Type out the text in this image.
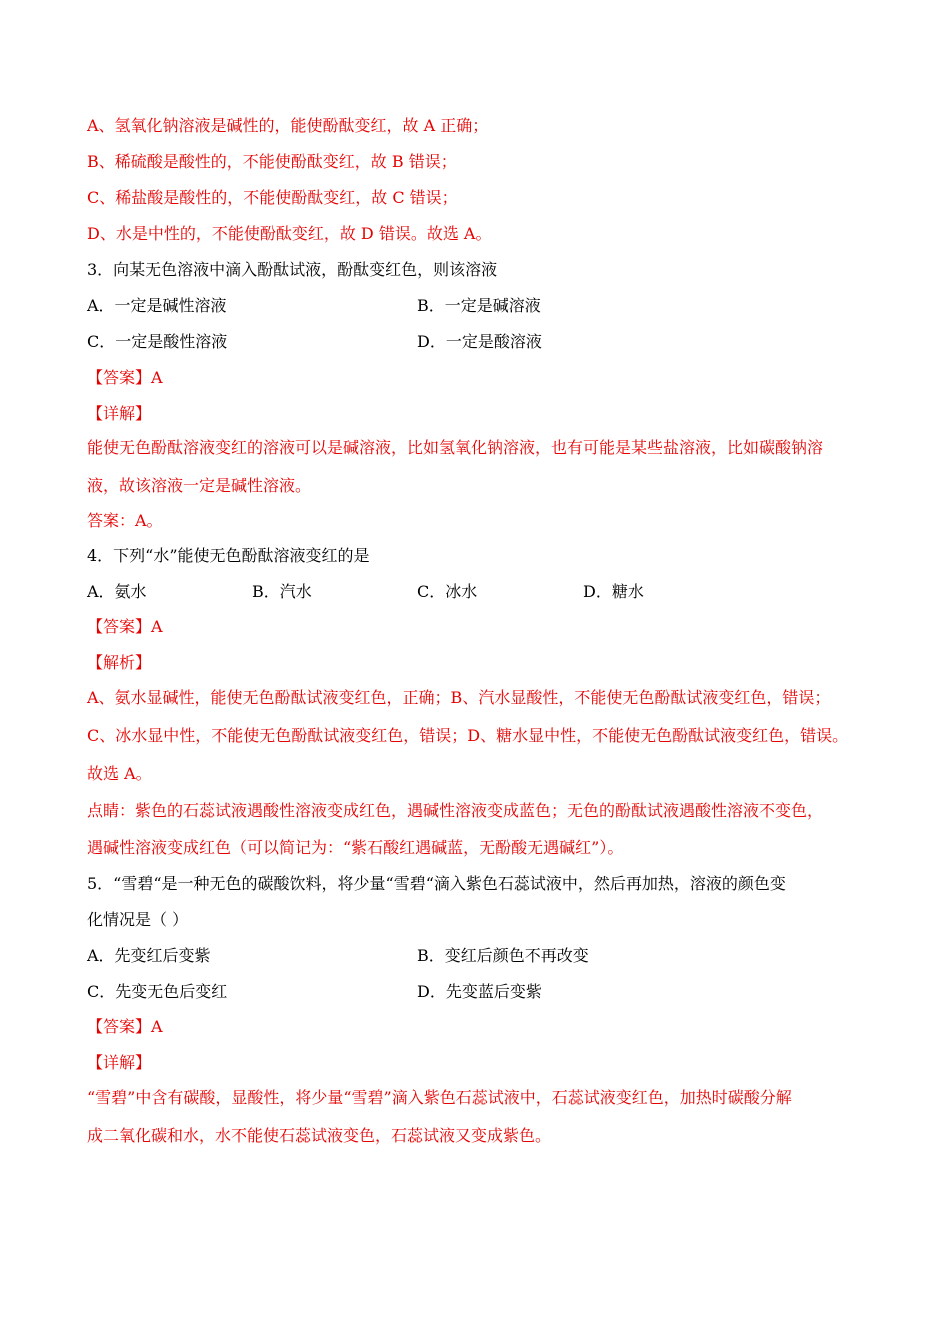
A、氢氧化钠溶液是碱性的，能使酚酞变红，故 A 正确；
B、稀硫酸是酸性的，不能使酚酞变红，故 B 错误；
C、稀盐酸是酸性的，不能使酚酞变红，故 C 错误；
D、水是中性的，不能使酚酞变红，故 D 错误。故选 A。
3．向某无色溶液中滴入酚酞试液，酚酞变红色，则该溶液
A．一定是碱性溶液	B．一定是碱溶液
C．一定是酸性溶液	D．一定是酸溶液
【答案】A
【详解】
能使无色酚酞溶液变红的溶液可以是碱溶液，比如氢氧化钠溶液，也有可能是某些盐溶液，比如碳酸钠溶
液，故该溶液一定是碱性溶液。
答案：A。
4．下列“水”能使无色酚酞溶液变红的是
A．氨水	B．汽水	C．冰水	D．糖水
【答案】A
【解析】
A、氨水显碱性，能使无色酚酞试液变红色，正确；B、汽水显酸性，不能使无色酚酞试液变红色，错误；
C、冰水显中性，不能使无色酚酞试液变红色，错误；D、糖水显中性，不能使无色酚酞试液变红色，错误。
故选 A。
点睛：紫色的石蕊试液遇酸性溶液变成红色，遇碱性溶液变成蓝色；无色的酚酞试液遇酸性溶液不变色，
遇碱性溶液变成红色（可以简记为：“紫石酸红遇碱蓝，无酚酸无遇碱红”）。
5．“雪碧“是一种无色的碳酸饮料，将少量“雪碧“滴入紫色石蕊试液中，然后再加热，溶液的颜色变
化情况是（ ）
A．先变红后变紫	B．变红后颜色不再改变
C．先变无色后变红	D．先变蓝后变紫
【答案】A
【详解】
“雪碧”中含有碳酸，显酸性，将少量“雪碧”滴入紫色石蕊试液中，石蕊试液变红色，加热时碳酸分解
成二氧化碳和水，水不能使石蕊试液变色，石蕊试液又变成紫色。
